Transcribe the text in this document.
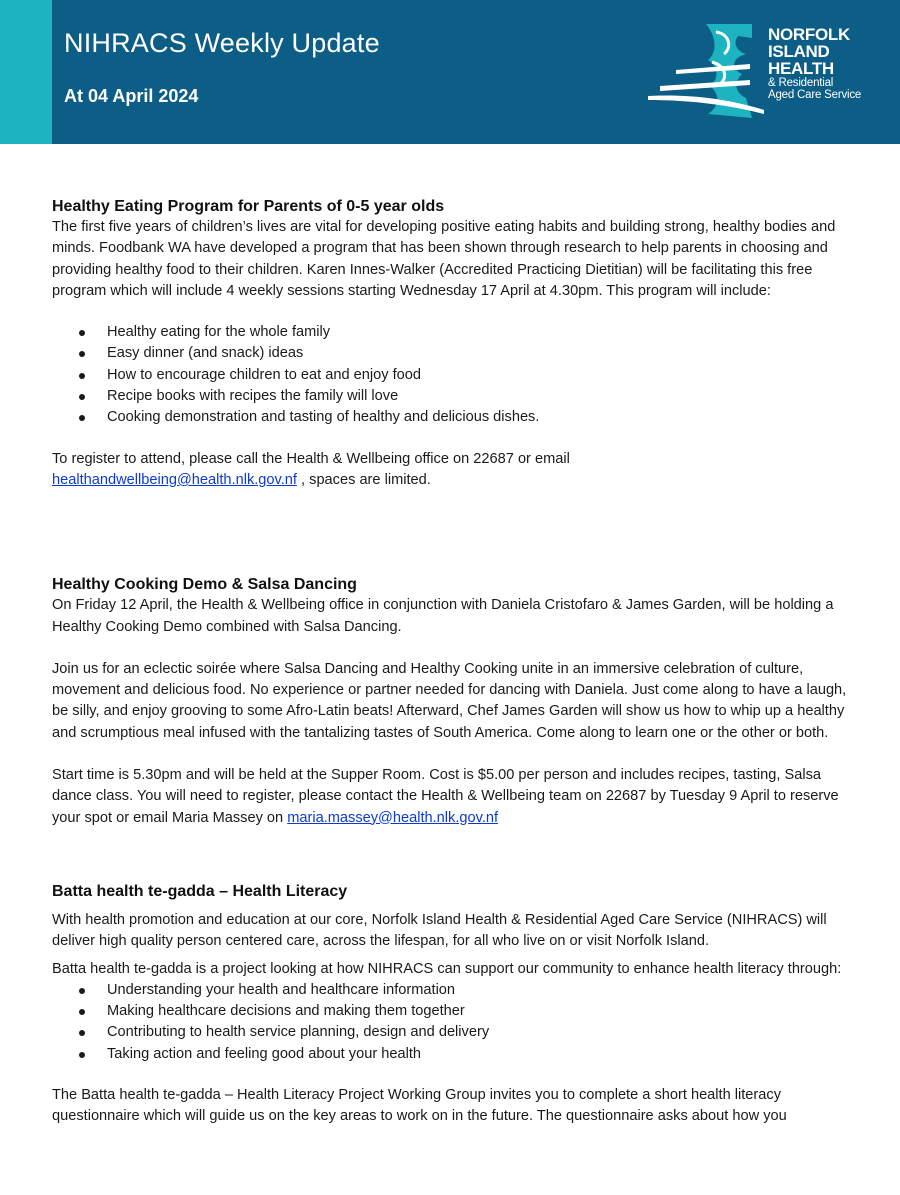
NIHRACS Weekly Update
At 04 April 2024
NORFOLK
ISLAND
HEALTH
& Residential
Aged Care Service
Healthy Eating Program for Parents of 0-5 year olds

The first five years of children’s lives are vital for developing positive eating habits and building strong, healthy bodies and minds. Foodbank WA have developed a program that has been shown through research to help parents in choosing and providing healthy food to their children. Karen Innes-Walker (Accredited Practicing Dietitian) will be facilitating this free program which will include 4 weekly sessions starting Wednesday 17 April at 4.30pm. This program will include:

Healthy eating for the whole family
Easy dinner (and snack) ideas
How to encourage children to eat and enjoy food
Recipe books with recipes the family will love
Cooking demonstration and tasting of healthy and delicious dishes.

To register to attend, please call the Health & Wellbeing office on 22687 or email
healthandwellbeing@health.nlk.gov.nf , spaces are limited.

Healthy Cooking Demo & Salsa Dancing

On Friday 12 April, the Health & Wellbeing office in conjunction with Daniela Cristofaro & James Garden, will be holding a Healthy Cooking Demo combined with Salsa Dancing.

Join us for an eclectic soirée where Salsa Dancing and Healthy Cooking unite in an immersive celebration of culture, movement and delicious food. No experience or partner needed for dancing with Daniela. Just come along to have a laugh, be silly, and enjoy grooving to some Afro-Latin beats! Afterward, Chef James Garden will show us how to whip up a healthy and scrumptious meal infused with the tantalizing tastes of South America. Come along to learn one or the other or both.

Start time is 5.30pm and will be held at the Supper Room. Cost is $5.00 per person and includes recipes, tasting, Salsa dance class. You will need to register, please contact the Health & Wellbeing team on 22687 by Tuesday 9 April to reserve your spot or email Maria Massey on maria.massey@health.nlk.gov.nf

Batta health te-gadda – Health Literacy

With health promotion and education at our core, Norfolk Island Health & Residential Aged Care Service (NIHRACS) will deliver high quality person centered care, across the lifespan, for all who live on or visit Norfolk Island.

Batta health te-gadda is a project looking at how NIHRACS can support our community to enhance health literacy through:

Understanding your health and healthcare information
Making healthcare decisions and making them together
Contributing to health service planning, design and delivery
Taking action and feeling good about your health

The Batta health te-gadda – Health Literacy Project Working Group invites you to complete a short health literacy questionnaire which will guide us on the key areas to work on in the future. The questionnaire asks about how you
